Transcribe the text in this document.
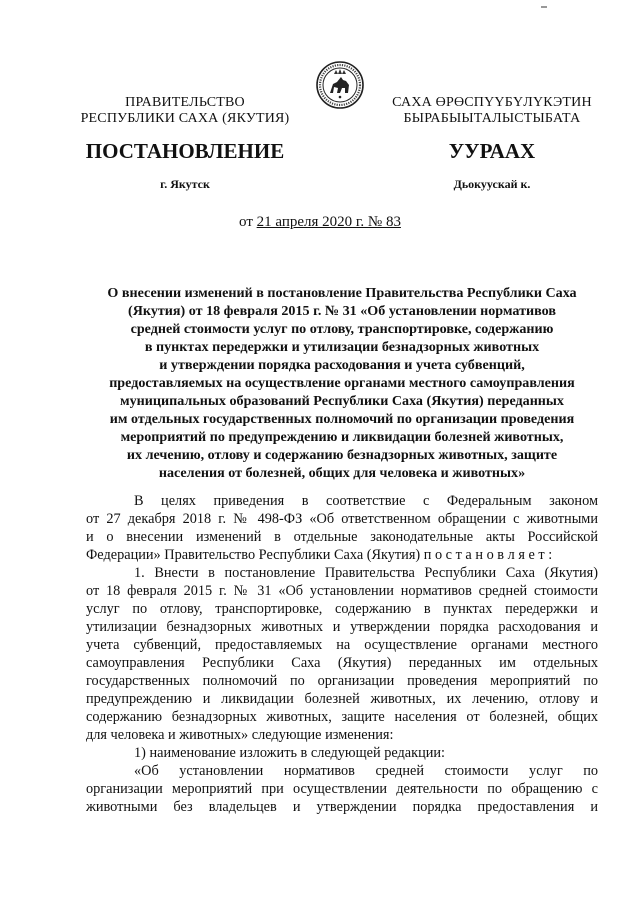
ПРАВИТЕЛЬСТВО
РЕСПУБЛИКИ САХА (ЯКУТИЯ)
САХА ӨРӨСПҮҮБҮЛҮКЭТИН
БЫРАБЫЫТАЛЫСТЫБАТА
ПОСТАНОВЛЕНИЕ	УУРААХ
г. Якутск	Дьокуускай к.
от 21 апреля 2020 г. № 83
О внесении изменений в постановление Правительства Республики Саха
(Якутия) от 18 февраля 2015 г. № 31 «Об установлении нормативов
средней стоимости услуг по отлову, транспортировке, содержанию
в пунктах передержки и утилизации безнадзорных животных
и утверждении порядка расходования и учета субвенций,
предоставляемых на осуществление органами местного самоуправления
муниципальных образований Республики Саха (Якутия) переданных
им отдельных государственных полномочий по организации проведения
мероприятий по предупреждению и ликвидации болезней животных,
их лечению, отлову и содержанию безнадзорных животных, защите
населения от болезней, общих для человека и животных»
В целях приведения в соответствие с Федеральным законом
от 27 декабря 2018 г. № 498-ФЗ «Об ответственном обращении с животными
и о внесении изменений в отдельные законодательные акты Российской
Федерации» Правительство Республики Саха (Якутия) п о с т а н о в л я е т :
1. Внести в постановление Правительства Республики Саха (Якутия)
от 18 февраля 2015 г. № 31 «Об установлении нормативов средней стоимости
услуг по отлову, транспортировке, содержанию в пунктах передержки и
утилизации безнадзорных животных и утверждении порядка расходования и
учета субвенций, предоставляемых на осуществление органами местного
самоуправления Республики Саха (Якутия) переданных им отдельных
государственных полномочий по организации проведения мероприятий по
предупреждению и ликвидации болезней животных, их лечению, отлову и
содержанию безнадзорных животных, защите населения от болезней, общих
для человека и животных» следующие изменения:
1) наименование изложить в следующей редакции:
«Об установлении нормативов средней стоимости услуг по
организации мероприятий при осуществлении деятельности по обращению с
животными без владельцев и утверждении порядка предоставления и
